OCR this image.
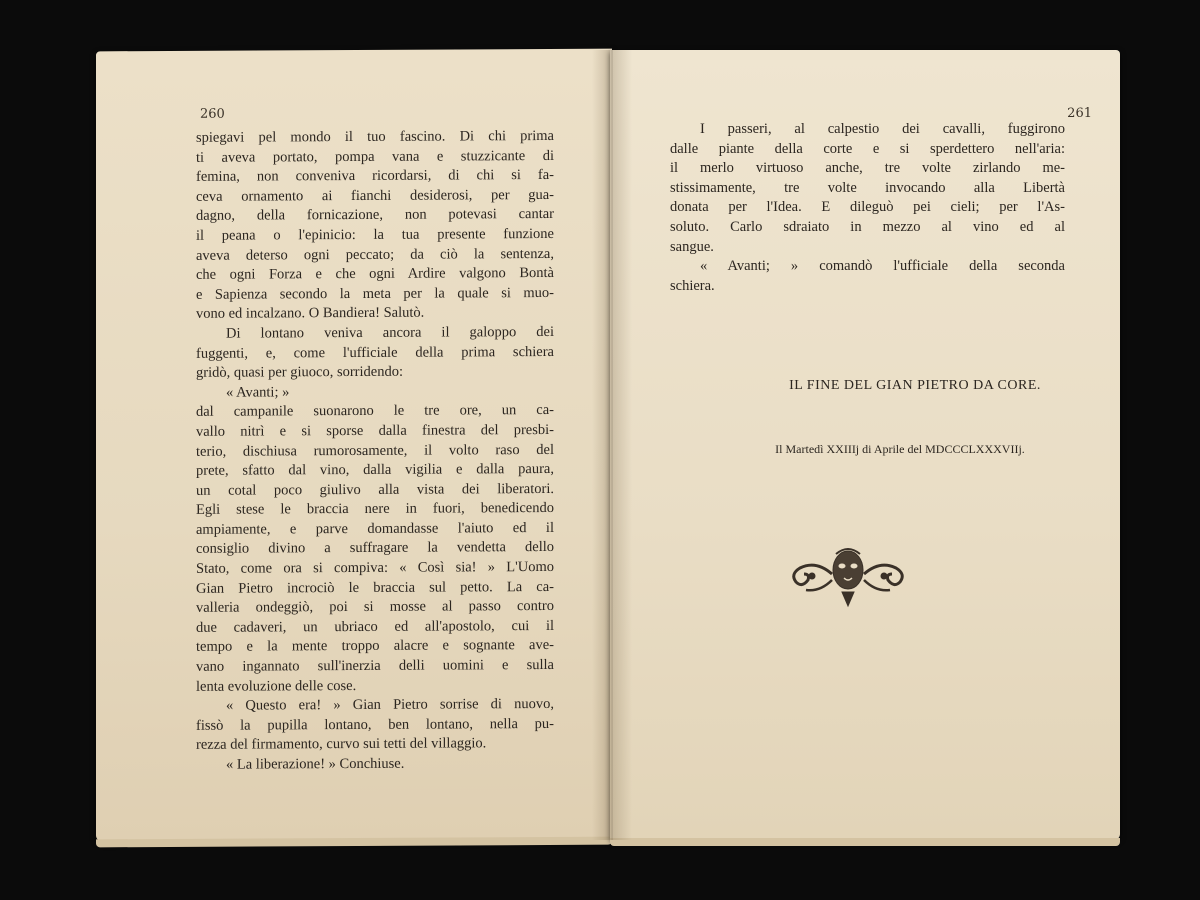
260
spiegavi pel mondo il tuo fascino. Di chi prima
ti aveva portato, pompa vana e stuzzicante di
femina, non conveniva ricordarsi, di chi si fa-
ceva ornamento ai fianchi desiderosi, per gua-
dagno, della fornicazione, non potevasi cantar
il peana o l'epinicio: la tua presente funzione
aveva deterso ogni peccato; da ciò la sentenza,
che ogni Forza e che ogni Ardire valgono Bontà
e Sapienza secondo la meta per la quale si muo-
vono ed incalzano. O Bandiera! Salutò.
Di lontano veniva ancora il galoppo dei
fuggenti, e, come l'ufficiale della prima schiera
gridò, quasi per giuoco, sorridendo:
« Avanti; »
dal campanile suonarono le tre ore, un ca-
vallo nitrì e si sporse dalla finestra del presbi-
terio, dischiusa rumorosamente, il volto raso del
prete, sfatto dal vino, dalla vigilia e dalla paura,
un cotal poco giulivo alla vista dei liberatori.
Egli stese le braccia nere in fuori, benedicendo
ampiamente, e parve domandasse l'aiuto ed il
consiglio divino a suffragare la vendetta dello
Stato, come ora si compiva: « Così sia! » L'Uomo
Gian Pietro incrociò le braccia sul petto. La ca-
valleria ondeggiò, poi si mosse al passo contro
due cadaveri, un ubriaco ed all'apostolo, cui il
tempo e la mente troppo alacre e sognante ave-
vano ingannato sull'inerzia delli uomini e sulla
lenta evoluzione delle cose.
« Questo era! » Gian Pietro sorrise di nuovo,
fissò la pupilla lontano, ben lontano, nella pu-
rezza del firmamento, curvo sui tetti del villaggio.
« La liberazione! » Conchiuse.
261
I passeri, al calpestio dei cavalli, fuggirono
dalle piante della corte e si sperdettero nell'aria:
il merlo virtuoso anche, tre volte zirlando me-
stissimamente, tre volte invocando alla Libertà
donata per l'Idea. E dileguò pei cieli; per l'As-
soluto. Carlo sdraiato in mezzo al vino ed al
sangue.
« Avanti; » comandò l'ufficiale della seconda
schiera.
IL FINE DEL GIAN PIETRO DA CORE.
Il Martedì XXIIIj di Aprile del MDCCCLXXXVIIj.
